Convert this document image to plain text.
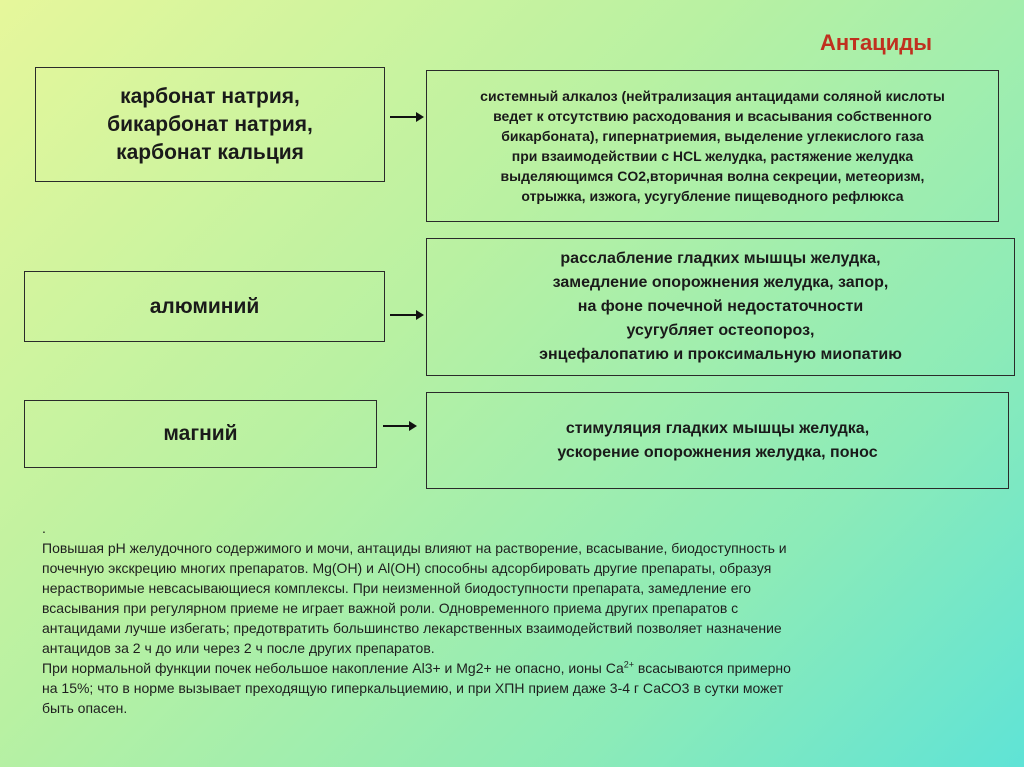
Антациды
карбонат натрия,
бикарбонат натрия,
карбонат кальция
системный алкалоз (нейтрализация антацидами соляной кислоты
ведет к отсутствию расходования и всасывания собственного
бикарбоната), гипернатриемия, выделение углекислого газа
при взаимодействии с HCL желудка, растяжение желудка
выделяющимся CO2,вторичная волна секреции, метеоризм,
отрыжка, изжога, усугубление пищеводного рефлюкса
алюминий
расслабление гладких мышцы желудка,
замедление опорожнения желудка, запор,
на фоне почечной недостаточности
усугубляет остеопороз,
энцефалопатию и проксимальную миопатию
магний	стимуляция гладких мышцы желудка,
ускорение опорожнения желудка, понос

.

Повышая рН желудочного содержимого и мочи, антациды влияют на растворение, всасывание, биодоступность и

почечную экскрецию многих препаратов. Mg(OH) и Al(OH) способны адсорбировать другие препараты, образуя

нерастворимые невсасывающиеся комплексы. При неизменной биодоступности препарата, замедление его

всасывания при регулярном приеме не играет важной роли. Одновременного приема других препаратов с

антацидами лучше избегать; предотвратить большинство лекарственных взаимодействий позволяет назначение

антацидов за 2 ч до или через 2 ч после других препаратов.

При нормальной функции почек небольшое накопление Al3+ и Mg2+ не опасно, ионы $Са^{2+}$ всасываются примерно

на 15%; что в норме вызывает преходящую гиперкальциемию, и при ХПН прием даже 3-4 г СаСО3 в сутки может

быть опасен.
